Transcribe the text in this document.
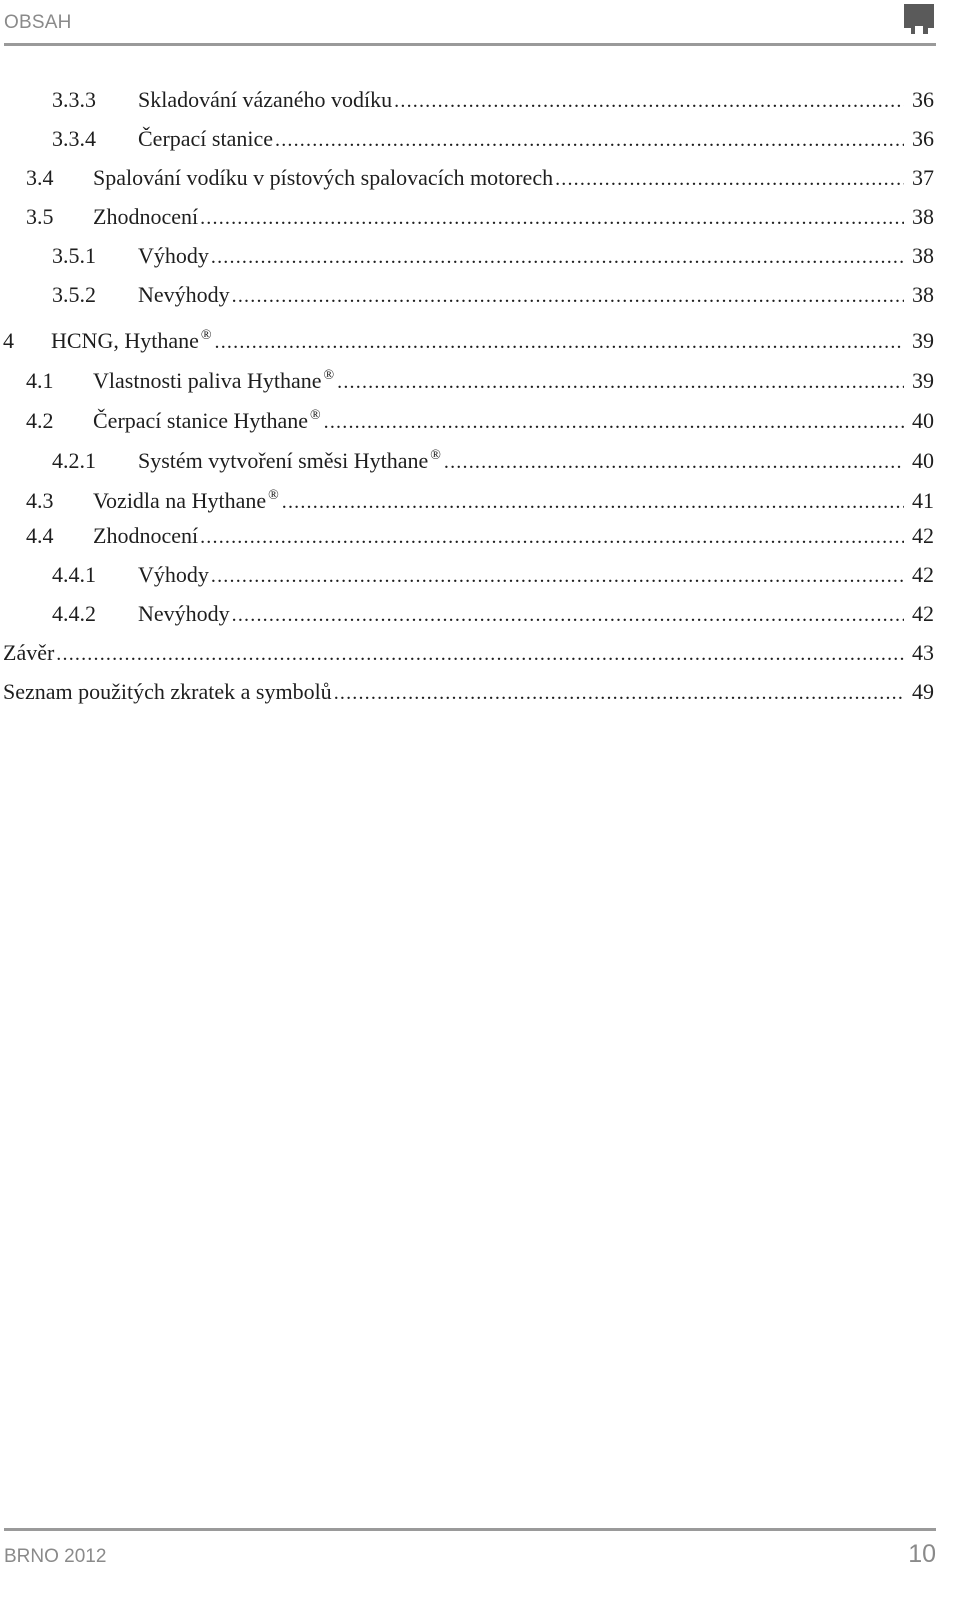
OBSAH
3.3.3	Skladování vázaného vodíku .....	36
3.3.4	Čerpací stanice .....	36
3.4	Spalování vodíku v pístových spalovacích motorech .....	37
3.5	Zhodnocení .....	38
3.5.1	Výhody .....	38
3.5.2	Nevýhody .....	38
4	HCNG, Hythane ® .....	39
4.1	Vlastnosti paliva Hythane ® .....	39
4.2	Čerpací stanice Hythane ® .....	40
4.2.1	Systém vytvoření směsi Hythane ® .....	40
4.3	Vozidla na Hythane ® .....	41
4.4	Zhodnocení .....	42
4.4.1	Výhody .....	42
4.4.2	Nevýhody .....	42
Závěr .....	43
Seznam použitých zkratek a symbolů .....	49
BRNO 2012	10
